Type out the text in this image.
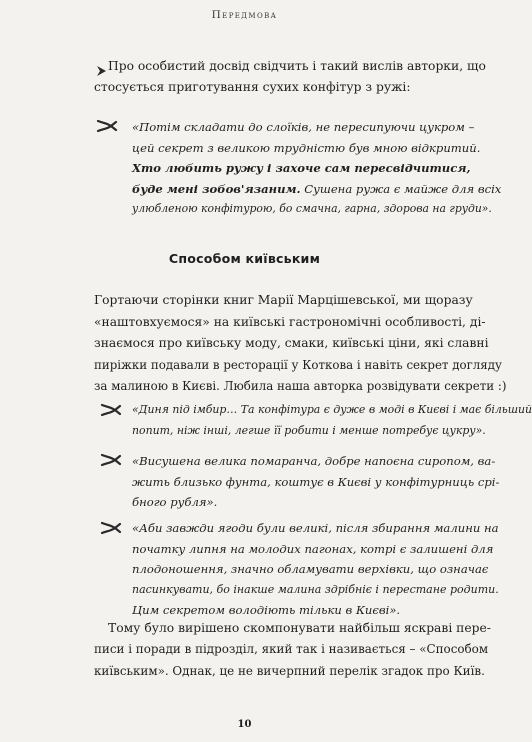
Передмова
Про особистий досвід свідчить і такий вислів авторки, що
стосується приготування сухих конфітур з ружі:
«Потім складати до слоїків, не пересипуючи цукром –
цей секрет з великою трудністю був мною відкритий.
Хто любить ружу і захоче сам пересвідчитися,
буде мені зобов'язаним. Сушена ружа є майже для всіх
улюбленою конфітурою, бо смачна, гарна, здорова на груди».
Способом київським
Гортаючи сторінки книг Марії Марцішевської, ми щоразу
«наштовхуємося» на київські гастрономічні особливості, ді-
знаємося про київську моду, смаки, київські ціни, які славні
пиріжки подавали в ресторації у Коткова і навіть секрет догляду
за малиною в Києві. Любила наша авторка розвідувати секрети :)
«Диня під імбир… Та конфітура є дуже в моді в Києві і має більший
попит, ніж інші, легше її робити і менше потребує цукру».
«Висушена велика помаранча, добре напоєна сиропом, ва-
жить близько фунта, коштує в Києві у конфітурниць срі-
бного рубля».
«Аби завжди ягоди були великі, після збирання малини на
початку липня на молодих пагонах, котрі є залишені для
плодоношення, значно обламувати верхівки, що означає
пасинкувати, бо інакше малина здрібніє і перестане родити.
Цим секретом володіють тільки в Києві».
Тому було вирішено скомпонувати найбільш яскраві пере-
писи і поради в підрозділ, який так і називається – «Способом
київським». Однак, це не вичерпний перелік згадок про Київ.
10
